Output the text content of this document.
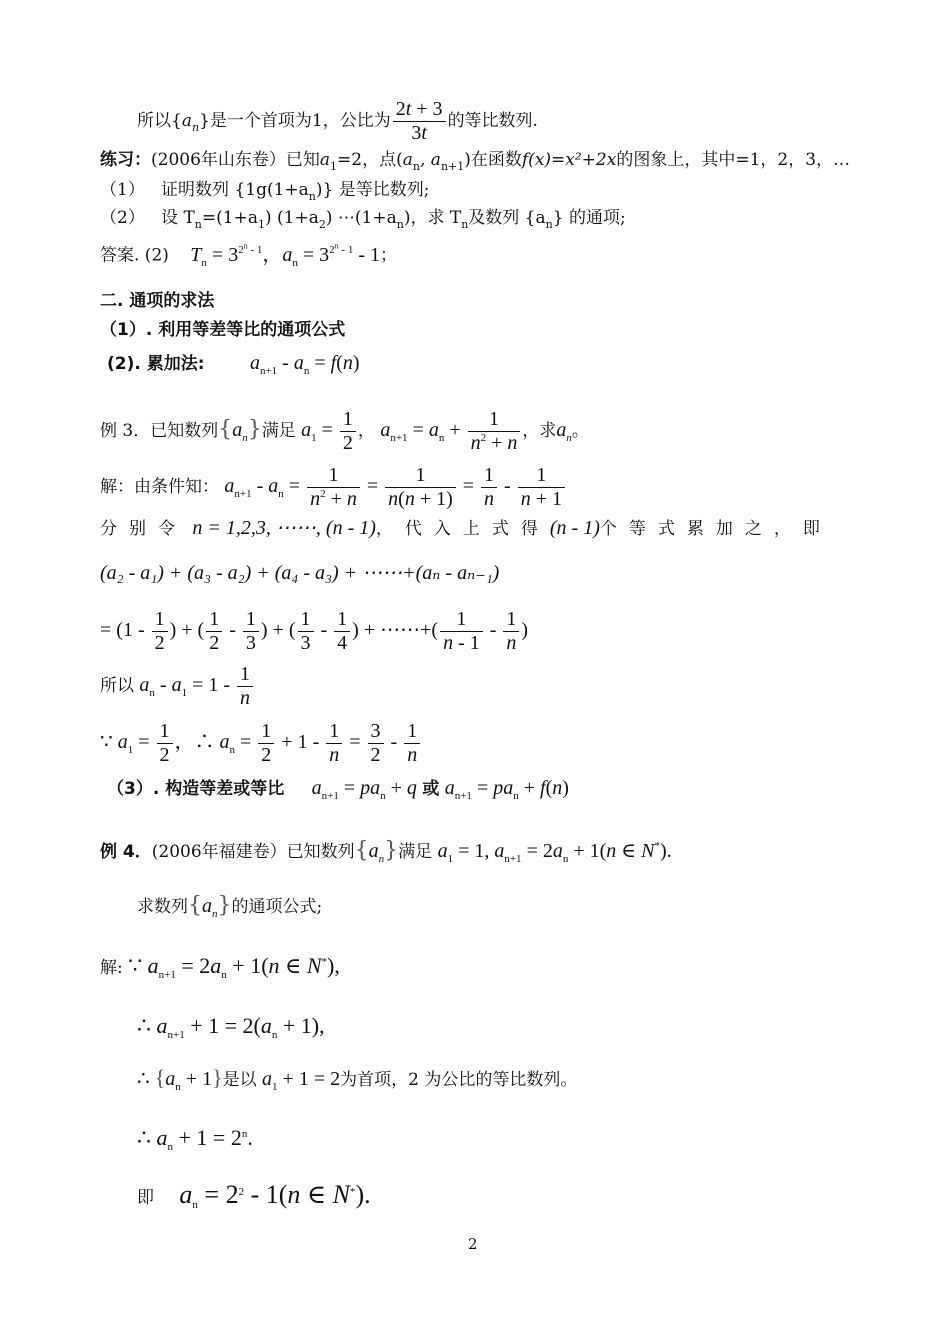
所以$\{a_n\}$是一个首项为1，公比为 $\frac{2t + 3}{3t}$ 的等比数列.
练习：(2006年山东卷）已知$a_1=2$，点($a_n$, $a_{n+1}$)在函数f(x)=x²+2x的图象上，其中=1，2，3，…
（1） 证明数列 $\{1g(1+a_n)\}$ 是等比数列;
（2） 设 $T_n=(1+a_1)$ $(1+a_2)$ $\cdots(1+a_n)$，求 $T_n$及数列 $\{a_n\}$ 的通项;
答案. (2) $T_n = 3^{2^n - 1}$，$a_n = 3^{2^n - 1} - 1$；
二. 通项的求法
（1）. 利用等差等比的通项公式
(2). 累加法: $a_{n+1} - a_n = f(n)$
例 3．已知数列$\{a_n\}$满足 $a_1 = \frac{1}{2}$ ， $a_{n+1} = a_n + \frac{1}{n^2 + n}$ ，求$a_n$。
解：由条件知： $a_{n+1} - a_n = \frac{1}{n^2 + n} = \frac{1}{n(n + 1)} = \frac{1}{n} - \frac{1}{n + 1}$
分别令 n = 1,2,3, ⋯⋯, (n - 1)，代入上式得(n - 1)个等式累加之，即
(a₂ - a₁) + (a₃ - a₂) + (a₄ - a₃) + ⋯⋯+(aₙ - aₙ₋₁)
= ($1 - \frac{1}{2}$ ) + ( $\frac{1}{2} - \frac{1}{3}$ ) + ( $\frac{1}{3} - \frac{1}{4}$ ) + ⋯⋯+( $\frac{1}{n - 1} - \frac{1}{n}$ )
所以 $a_n - a_1 = 1 - \frac{1}{n}$
∵ $a_1 = \frac{1}{2}$ ，∴ $a_n = \frac{1}{2} + 1 - \frac{1}{n} = \frac{3}{2} - \frac{1}{n}$
（3）. 构造等差或等比 $a_{n+1} = pa_n + q$ 或 $a_{n+1} = pa_n + f(n)$
例 4．(2006年福建卷）已知数列$\{a_n\}$满足 $a_1 = 1$, $a_{n+1} = 2a_n + 1(n$ ∈ N*).
求数列$\{a_n\}$的通项公式;
解: ∵ $a_{n+1} = 2a_n + 1(n$ ∈ N*),
∴ $a_{n+1} + 1 = 2(a_n + 1)$,
∴ $\{a_n + 1\}$是以 $a_1 + 1 = 2$为首项，2 为公比的等比数列。
∴ $a_n + 1 = 2^n$.
即 $a_n = 2^2 - 1(n$ ∈ N*).
2
